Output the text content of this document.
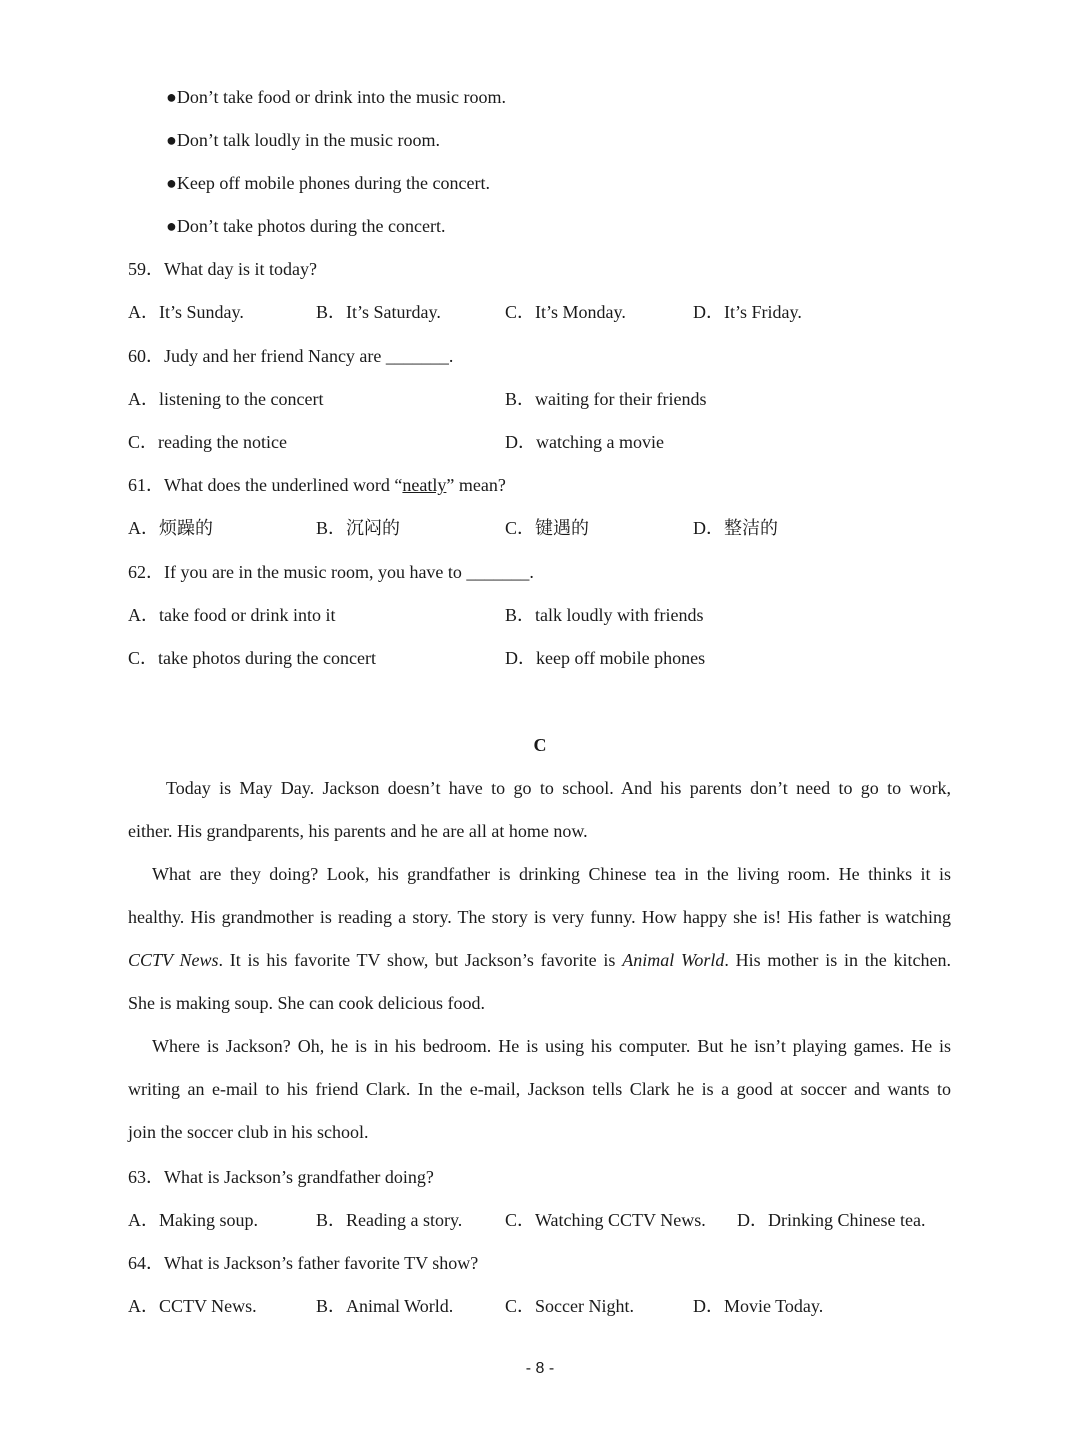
●Don’t take food or drink into the music room.
●Don’t talk loudly in the music room.
●Keep off mobile phones during the concert.
●Don’t take photos during the concert.
59．What day is it today?
A．It’s Sunday.	B．It’s Saturday.	C．It’s Monday.	D．It’s Friday.
60．Judy and her friend Nancy are _______.
A．listening to the concert	B．waiting for their friends
C．reading the notice	D．watching a movie
61．What does the underlined word “neatly” mean?
A．烦躁的	B．沉闷的	C．键遇的	D．整洁的
62．If you are in the music room, you have to _______.
A．take food or drink into it	B．talk loudly with friends
C．take photos during the concert	D．keep off mobile phones
C
Today is May Day. Jackson doesn’t have to go to school. And his parents don’t need to go to work,
either. His grandparents, his parents and he are all at home now.
What are they doing? Look, his grandfather is drinking Chinese tea in the living room. He thinks it is
healthy. His grandmother is reading a story. The story is very funny. How happy she is! His father is watching
CCTV News. It is his favorite TV show, but Jackson’s favorite is Animal World. His mother is in the kitchen.
She is making soup. She can cook delicious food.
Where is Jackson? Oh, he is in his bedroom. He is using his computer. But he isn’t playing games. He is
writing an e-mail to his friend Clark. In the e-mail, Jackson tells Clark he is a good at soccer and wants to
join the soccer club in his school.
63．What is Jackson’s grandfather doing?
A．Making soup.	B．Reading a story. C．Watching CCTV News. D．Drinking Chinese tea.
64．What is Jackson’s father favorite TV show?
A．CCTV News.	B．Animal World.	C．Soccer Night.	D．Movie Today.
- 8 -
